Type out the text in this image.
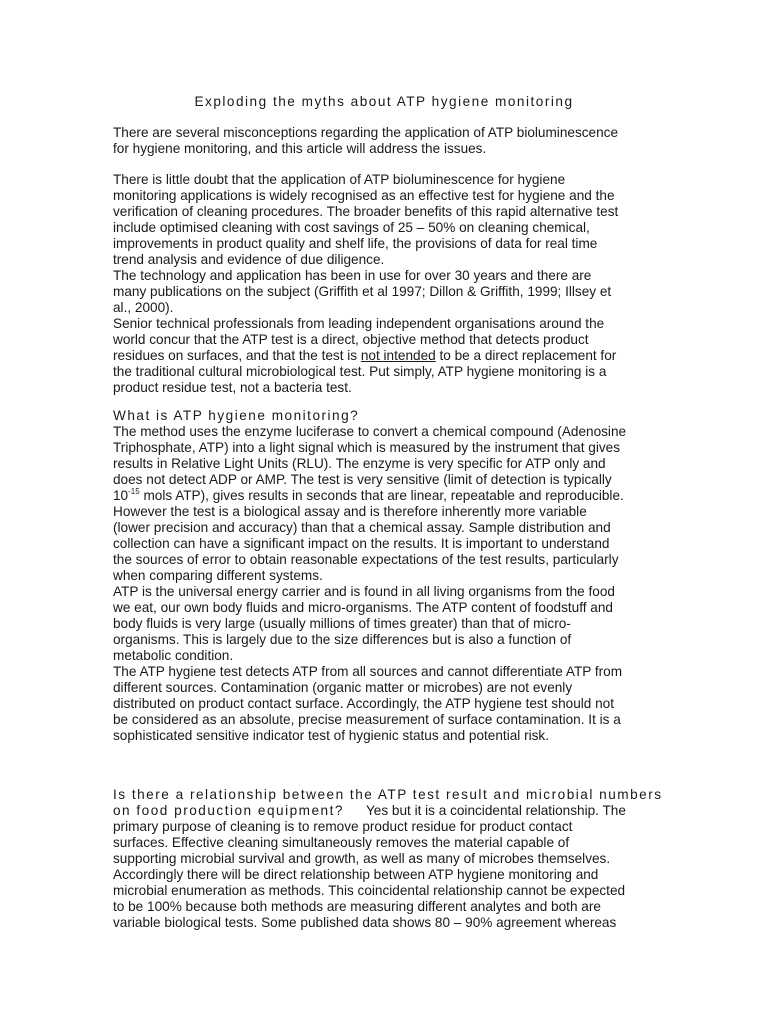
Exploding the myths about ATP hygiene monitoring
There are several misconceptions regarding the application of ATP bioluminescence
for hygiene monitoring, and this article will address the issues.
There is little doubt that the application of ATP bioluminescence for hygiene
monitoring applications is widely recognised as an effective test for hygiene and the
verification of cleaning procedures. The broader benefits of this rapid alternative test
include optimised cleaning with cost savings of 25 – 50% on cleaning chemical,
improvements in product quality and shelf life, the provisions of data for real time
trend analysis and evidence of due diligence.
The technology and application has been in use for over 30 years and there are
many publications on the subject (Griffith et al 1997; Dillon & Griffith, 1999; Illsey et
al., 2000).
Senior technical professionals from leading independent organisations around the
world concur that the ATP test is a direct, objective method that detects product
residues on surfaces, and that the test is not intended to be a direct replacement for
the traditional cultural microbiological test. Put simply, ATP hygiene monitoring is a
product residue test, not a bacteria test.
What is ATP hygiene monitoring?
The method uses the enzyme luciferase to convert a chemical compound (Adenosine
Triphosphate, ATP) into a light signal which is measured by the instrument that gives
results in Relative Light Units (RLU). The enzyme is very specific for ATP only and
does not detect ADP or AMP. The test is very sensitive (limit of detection is typically
$10^{-15}$ mols ATP), gives results in seconds that are linear, repeatable and reproducible.
However the test is a biological assay and is therefore inherently more variable
(lower precision and accuracy) than that a chemical assay. Sample distribution and
collection can have a significant impact on the results. It is important to understand
the sources of error to obtain reasonable expectations of the test results, particularly
when comparing different systems.
ATP is the universal energy carrier and is found in all living organisms from the food
we eat, our own body fluids and micro-organisms. The ATP content of foodstuff and
body fluids is very large (usually millions of times greater) than that of micro-
organisms. This is largely due to the size differences but is also a function of
metabolic condition.
The ATP hygiene test detects ATP from all sources and cannot differentiate ATP from
different sources. Contamination (organic matter or microbes) are not evenly
distributed on product contact surface. Accordingly, the ATP hygiene test should not
be considered as an absolute, precise measurement of surface contamination. It is a
sophisticated sensitive indicator test of hygienic status and potential risk.
Is there a relationship between the ATP test result and microbial numbers
on food production equipment? Yes but it is a coincidental relationship. The
primary purpose of cleaning is to remove product residue for product contact
surfaces. Effective cleaning simultaneously removes the material capable of
supporting microbial survival and growth, as well as many of microbes themselves.
Accordingly there will be direct relationship between ATP hygiene monitoring and
microbial enumeration as methods. This coincidental relationship cannot be expected
to be 100% because both methods are measuring different analytes and both are
variable biological tests. Some published data shows 80 – 90% agreement whereas
